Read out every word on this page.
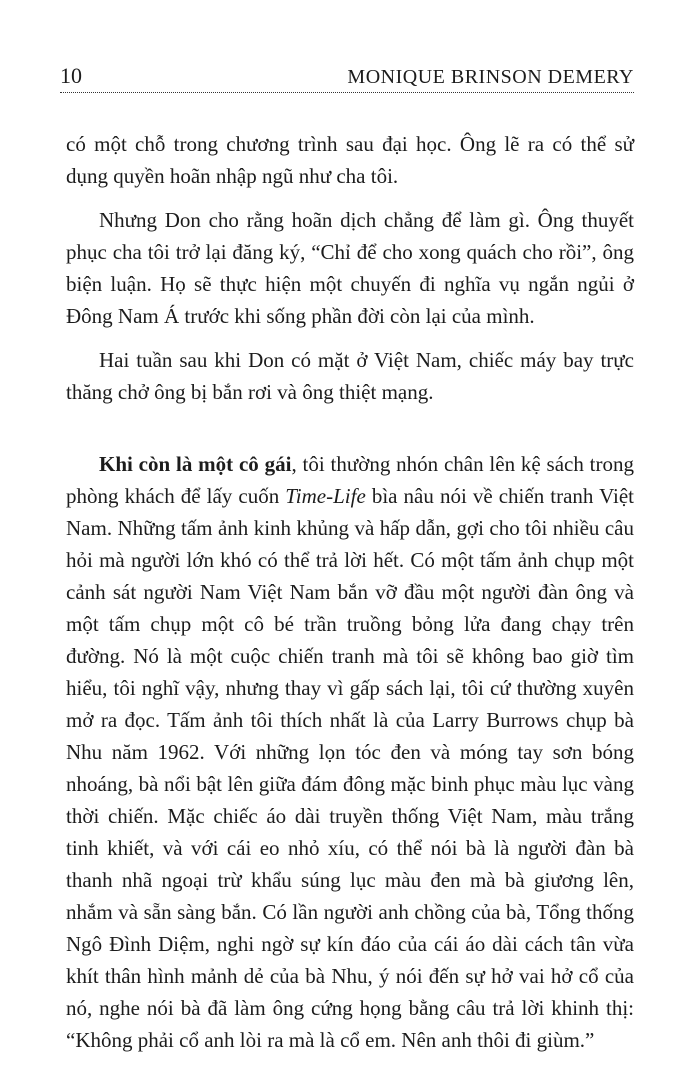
10	MONIQUE BRINSON DEMERY

có một chỗ trong chương trình sau đại học. Ông lẽ ra có thể sử dụng quyền hoãn nhập ngũ như cha tôi.

Nhưng Don cho rằng hoãn dịch chẳng để làm gì. Ông thuyết phục cha tôi trở lại đăng ký, “Chỉ để cho xong quách cho rồi”, ông biện luận. Họ sẽ thực hiện một chuyến đi nghĩa vụ ngắn ngủi ở Đông Nam Á trước khi sống phần đời còn lại của mình.

Hai tuần sau khi Don có mặt ở Việt Nam, chiếc máy bay trực thăng chở ông bị bắn rơi và ông thiệt mạng.

Khi còn là một cô gái, tôi thường nhón chân lên kệ sách trong phòng khách để lấy cuốn Time-Life bìa nâu nói về chiến tranh Việt Nam. Những tấm ảnh kinh khủng và hấp dẫn, gợi cho tôi nhiều câu hỏi mà người lớn khó có thể trả lời hết. Có một tấm ảnh chụp một cảnh sát người Nam Việt Nam bắn vỡ đầu một người đàn ông và một tấm chụp một cô bé trần truồng bỏng lửa đang chạy trên đường. Nó là một cuộc chiến tranh mà tôi sẽ không bao giờ tìm hiểu, tôi nghĩ vậy, nhưng thay vì gấp sách lại, tôi cứ thường xuyên mở ra đọc. Tấm ảnh tôi thích nhất là của Larry Burrows chụp bà Nhu năm 1962. Với những lọn tóc đen và móng tay sơn bóng nhoáng, bà nổi bật lên giữa đám đông mặc binh phục màu lục vàng thời chiến. Mặc chiếc áo dài truyền thống Việt Nam, màu trắng tinh khiết, và với cái eo nhỏ xíu, có thể nói bà là người đàn bà thanh nhã ngoại trừ khẩu súng lục màu đen mà bà giương lên, nhắm và sẵn sàng bắn. Có lần người anh chồng của bà, Tổng thống Ngô Đình Diệm, nghi ngờ sự kín đáo của cái áo dài cách tân vừa khít thân hình mảnh dẻ của bà Nhu, ý nói đến sự hở vai hở cổ của nó, nghe nói bà đã làm ông cứng họng bằng câu trả lời khinh thị: “Không phải cổ anh lòi ra mà là cổ em. Nên anh thôi đi giùm.”
